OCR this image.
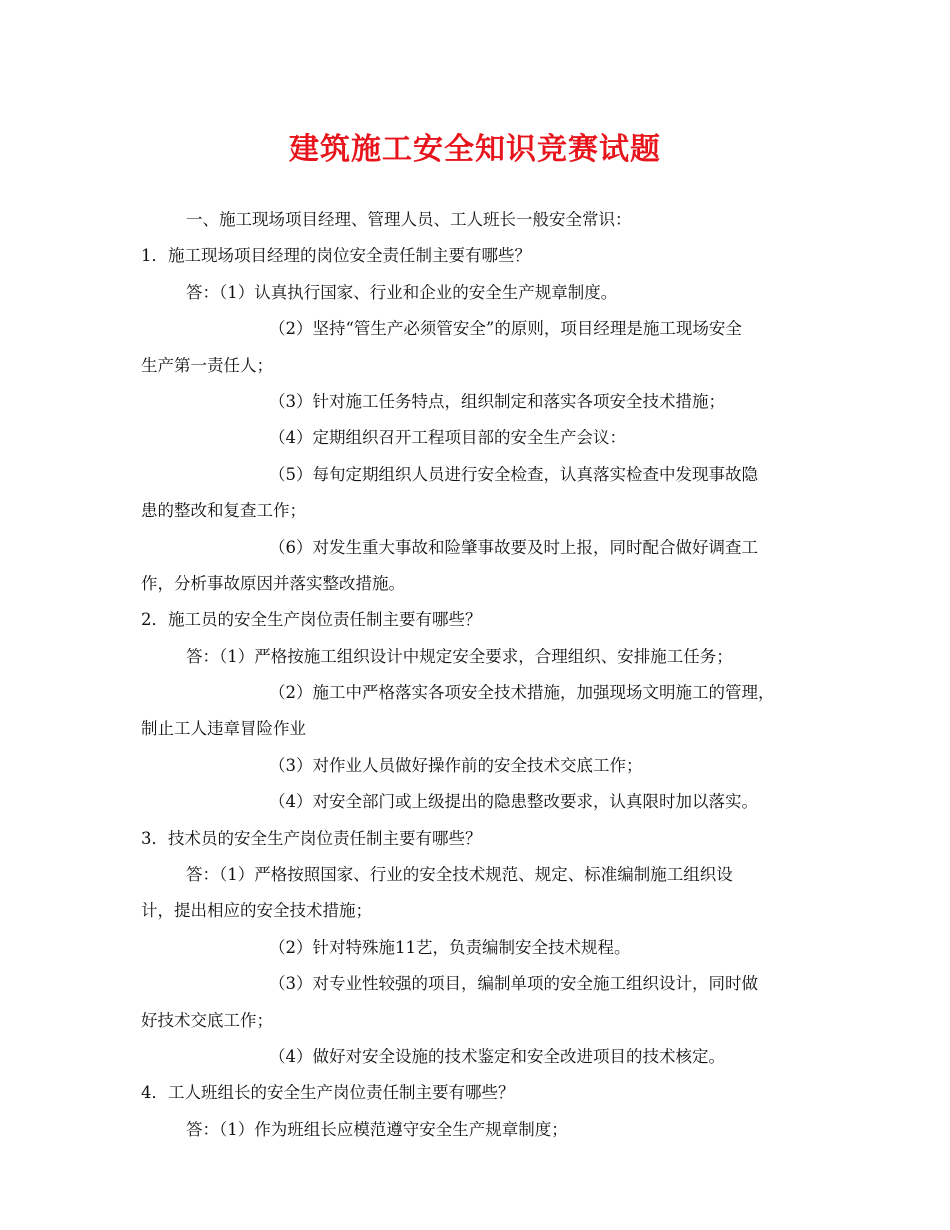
建筑施工安全知识竞赛试题
一、施工现场项目经理、管理人员、工人班长一般安全常识：
1．施工现场项目经理的岗位安全责任制主要有哪些？
答：（1）认真执行国家、行业和企业的安全生产规章制度。
（2）坚持“管生产必须管安全”的原则，项目经理是施工现场安全
生产第一责任人；
（3）针对施工任务特点，组织制定和落实各项安全技术措施；
（4）定期组织召开工程项目部的安全生产会议：
（5）每旬定期组织人员进行安全检查，认真落实检查中发现事故隐
患的整改和复查工作；
（6）对发生重大事故和险肇事故要及时上报，同时配合做好调查工
作，分析事故原因并落实整改措施。
2．施工员的安全生产岗位责任制主要有哪些？
答：（1）严格按施工组织设计中规定安全要求，合理组织、安排施工任务；
（2）施工中严格落实各项安全技术措施，加强现场文明施工的管理，
制止工人违章冒险作业
（3）对作业人员做好操作前的安全技术交底工作；
（4）对安全部门或上级提出的隐患整改要求，认真限时加以落实。
3．技术员的安全生产岗位责任制主要有哪些？
答：（1）严格按照国家、行业的安全技术规范、规定、标准编制施工组织设
计，提出相应的安全技术措施；
（2）针对特殊施11艺，负责编制安全技术规程。
（3）对专业性较强的项目，编制单项的安全施工组织设计，同时做
好技术交底工作；
（4）做好对安全设施的技术鉴定和安全改进项目的技术核定。
4．工人班组长的安全生产岗位责任制主要有哪些？
答：（1）作为班组长应模范遵守安全生产规章制度；
